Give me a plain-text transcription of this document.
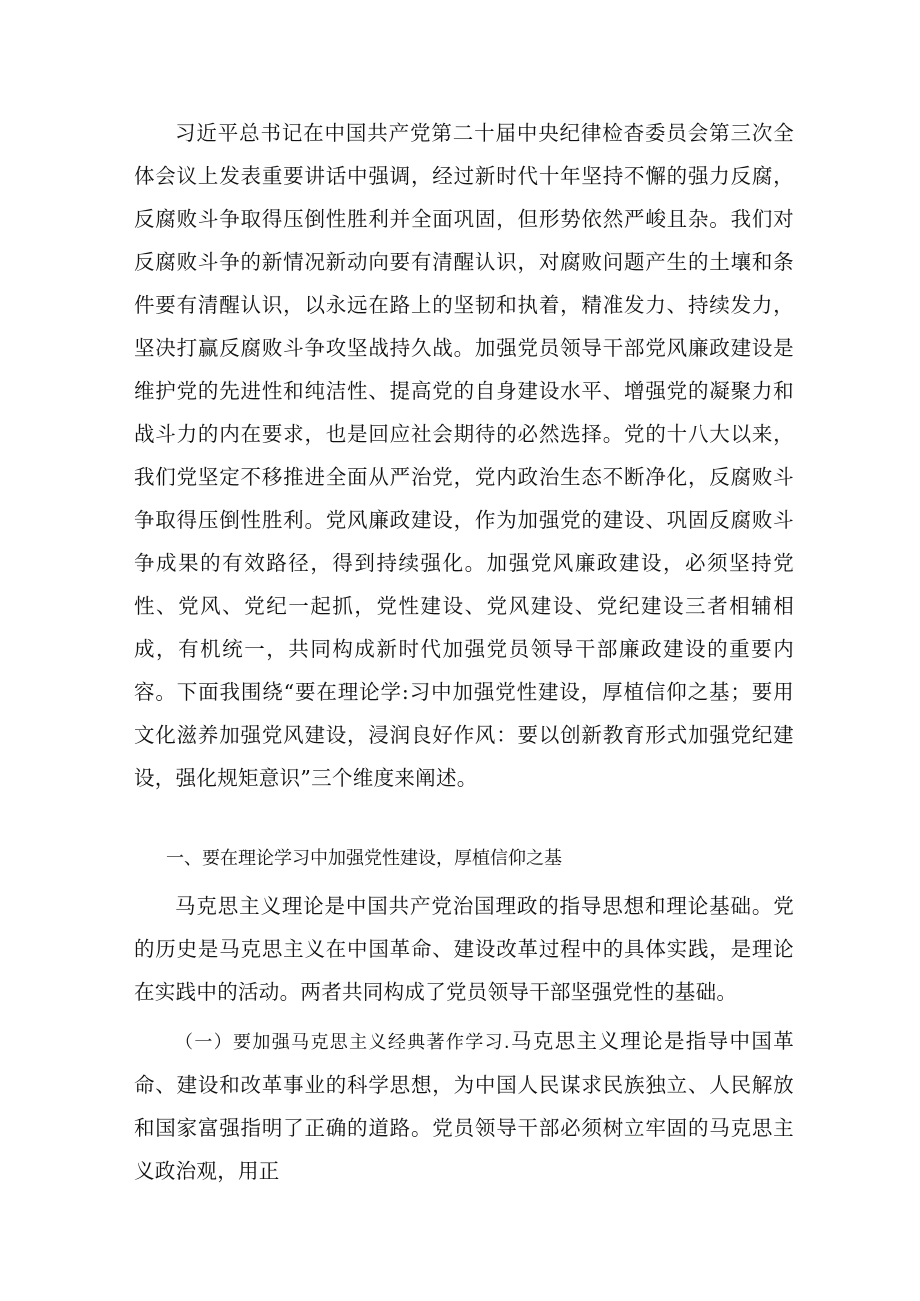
习近平总书记在中国共产党第二十届中央纪律检杳委员会第三次全体会议上发表重要讲话中强调，经过新时代十年坚持不懈的强力反腐，反腐败斗争取得压倒性胜利并全面巩固，但形势依然严峻且杂。我们对反腐败斗争的新情况新动向要有清醒认识，对腐败问题产生的土壤和条件要有清醒认识，以永远在路上的坚韧和执着，精准发力、持续发力，坚决打赢反腐败斗争攻坚战持久战。加强党员领导干部党风廉政建设是维护党的先进性和纯洁性、提高党的自身建设水平、增强党的凝聚力和战斗力的内在要求，也是回应社会期待的必然选择。党的十八大以来，我们党坚定不移推进全面从严治党，党内政治生态不断净化，反腐败斗争取得压倒性胜利。党风廉政建设，作为加强党的建设、巩固反腐败斗争成果的有效路径，得到持续强化。加强党风廉政建设，必须坚持党性、党风、党纪一起抓，党性建设、党风建设、党纪建设三者相辅相成，有机统一，共同构成新时代加强党员领导干部廉政建设的重要内容。下面我围绕“要在理论学:习中加强党性建设，厚植信仰之基；要用文化滋养加强党风建设，浸润良好作风：要以创新教育形式加强党纪建设，强化规矩意识”三个维度来阐述。

一、要在理论学习中加强党性建设，厚植信仰之基

马克思主义理论是中国共产党治国理政的指导思想和理论基础。党的历史是马克思主义在中国革命、建设改革过程中的具体实践，是理论在实践中的活动。两者共同构成了党员领导干部坚强党性的基础。

（一）要加强马克思主义经典著作学习.马克思主义理论是指导中国革命、建设和改革事业的科学思想，为中国人民谋求民族独立、人民解放和国家富强指明了正确的道路。党员领导干部必须树立牢固的马克思主义政治观，用正
